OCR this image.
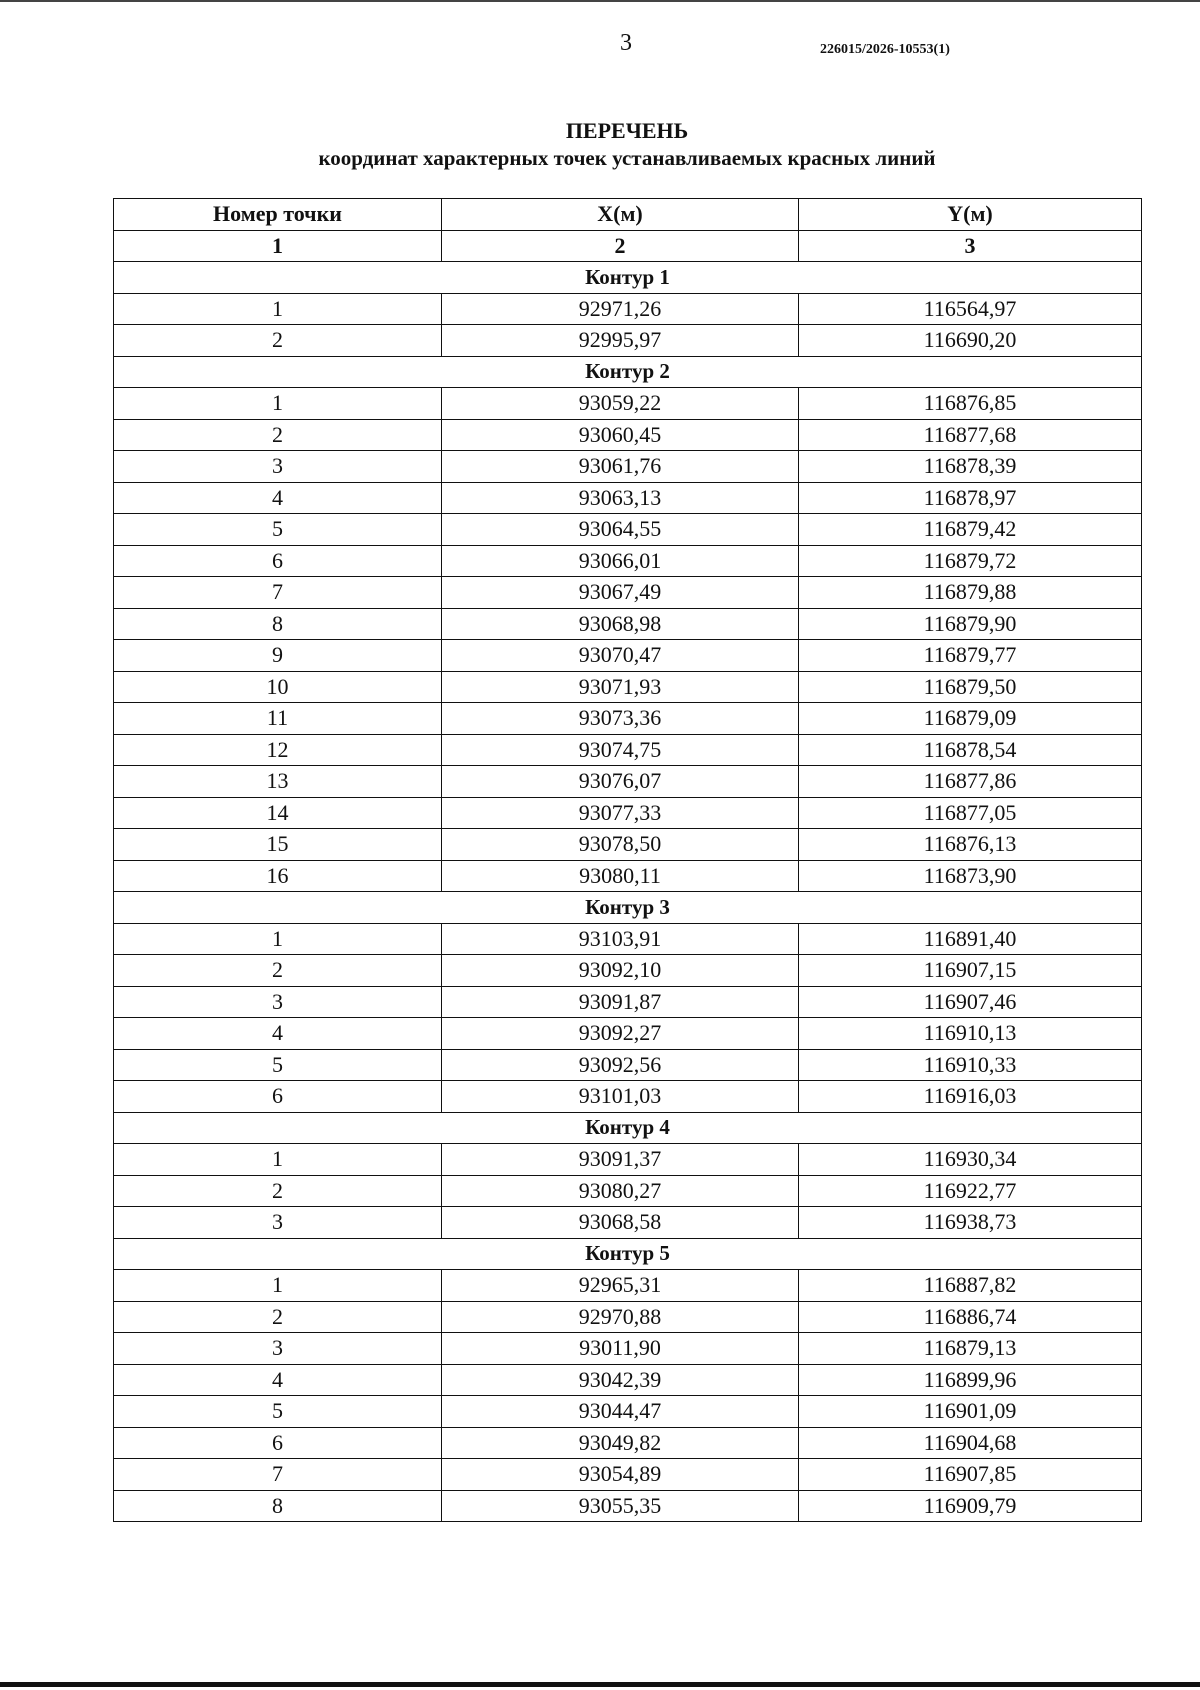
3	226015/2026-10553(1)
ПЕРЕЧЕНЬ
координат характерных точек устанавливаемых красных линий
Номер точки	X(м)	Y(м)
1	2	3
Контур 1		
1	92971,26	116564,97
2	92995,97	116690,20
Контур 2		
1	93059,22	116876,85
2	93060,45	116877,68
3	93061,76	116878,39
4	93063,13	116878,97
5	93064,55	116879,42
6	93066,01	116879,72
7	93067,49	116879,88
8	93068,98	116879,90
9	93070,47	116879,77
10	93071,93	116879,50
11	93073,36	116879,09
12	93074,75	116878,54
13	93076,07	116877,86
14	93077,33	116877,05
15	93078,50	116876,13
16	93080,11	116873,90
Контур 3		
1	93103,91	116891,40
2	93092,10	116907,15
3	93091,87	116907,46
4	93092,27	116910,13
5	93092,56	116910,33
6	93101,03	116916,03
Контур 4		
1	93091,37	116930,34
2	93080,27	116922,77
3	93068,58	116938,73
Контур 5		
1	92965,31	116887,82
2	92970,88	116886,74
3	93011,90	116879,13
4	93042,39	116899,96
5	93044,47	116901,09
6	93049,82	116904,68
7	93054,89	116907,85
8	93055,35	116909,79
